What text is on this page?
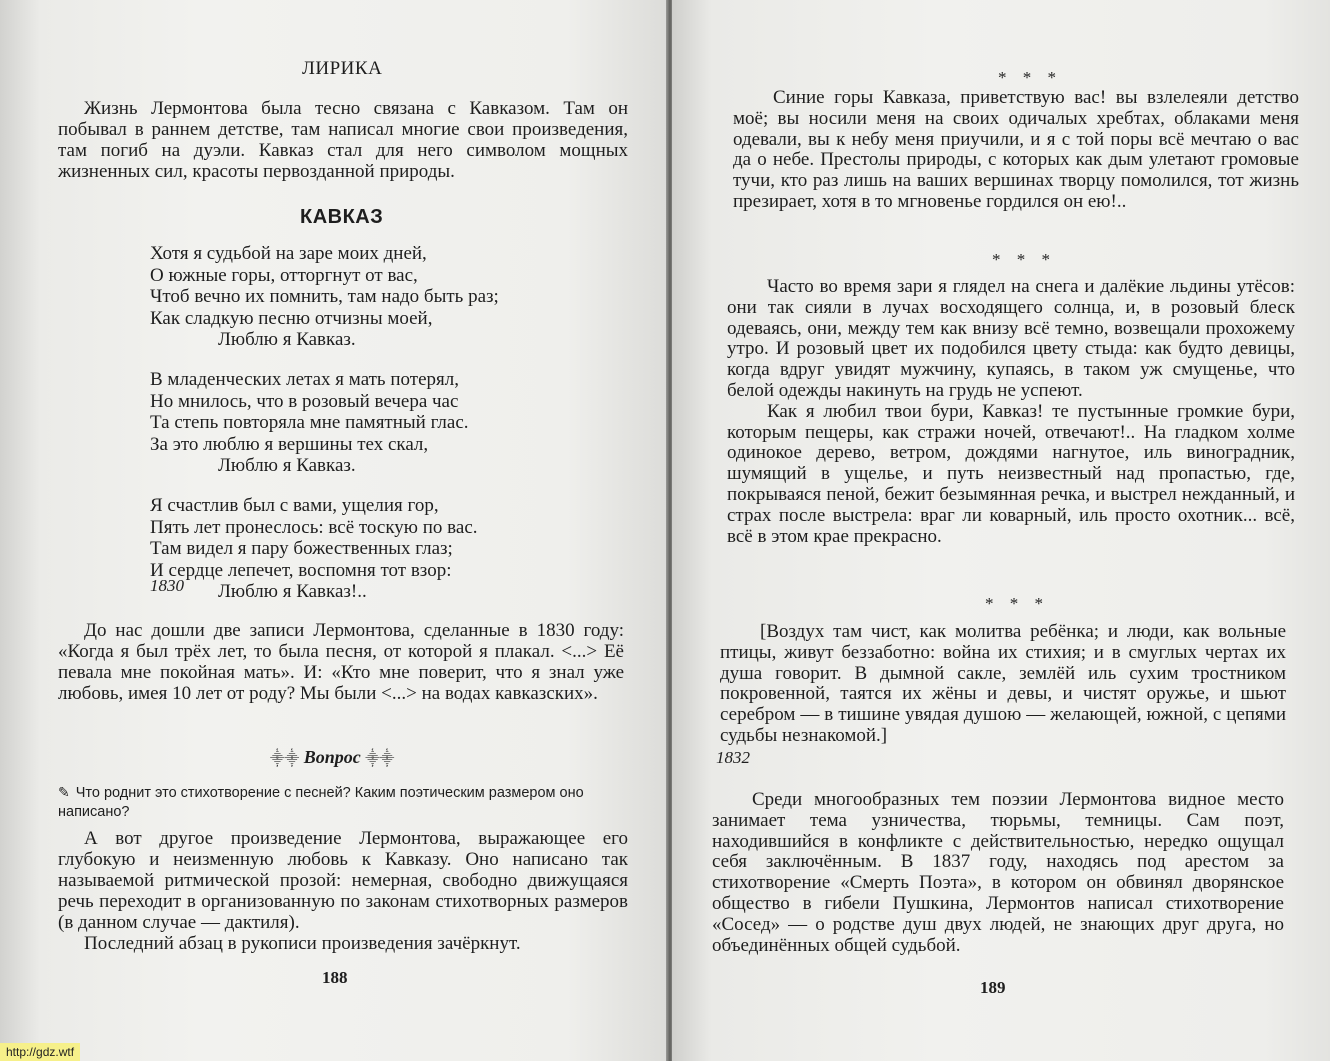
ЛИРИКА

Жизнь Лермонтова была тесно связана с Кавказом. Там он побывал в раннем детстве, там написал многие свои произведения, там погиб на дуэли. Кавказ стал для него символом мощных жизненных сил, красоты первозданной природы.

КАВКАЗ
Хотя я судьбой на заре моих дней,
О южные горы, отторгнут от вас,
Чтоб вечно их помнить, там надо быть раз;
Как сладкую песню отчизны моей,
Люблю я Кавказ.
В младенческих летах я мать потерял,
Но мнилось, что в розовый вечера час
Та степь повторяла мне памятный глас.
За это люблю я вершины тех скал,
Люблю я Кавказ.
Я счастлив был с вами, ущелия гор,
Пять лет пронеслось: всё тоскую по вас.
Там видел я пару божественных глаз;
И сердце лепечет, воспомня тот взор:
Люблю я Кавказ!..
1830

До нас дошли две записи Лермонтова, сделанные в 1830 году: «Когда я был трёх лет, то была песня, от которой я плакал. <...> Её певала мне покойная мать». И: «Кто мне поверит, что я знал уже любовь, имея 10 лет от роду? Мы были <...> на водах кавказских».

⸎⸎ Вопрос ⸎⸎
✎ Что роднит это стихотворение с песней? Каким поэтическим размером оно написано?

А вот другое произведение Лермонтова, выражающее его глубокую и неизменную любовь к Кавказу. Оно написано так называемой ритмической прозой: немерная, свободно движущаяся речь переходит в организованную по законам стихотворных размеров (в данном случае — дактиля).

Последний абзац в рукописи произведения зачёркнут.

188
* * *

Синие горы Кавказа, приветствую вас! вы взлелеяли детство моё; вы носили меня на своих одичалых хребтах, облаками меня одевали, вы к небу меня приучили, и я с той поры всё мечтаю о вас да о небе. Престолы природы, с которых как дым улетают громовые тучи, кто раз лишь на ваших вершинах творцу помолился, тот жизнь презирает, хотя в то мгновенье гордился он ею!..

* * *

Часто во время зари я глядел на снега и далёкие льдины утёсов: они так сияли в лучах восходящего солнца, и, в розовый блеск одеваясь, они, между тем как внизу всё темно, возвещали прохожему утро. И розовый цвет их подобился цвету стыда: как будто девицы, когда вдруг увидят мужчину, купаясь, в таком уж смущенье, что белой одежды накинуть на грудь не успеют.

Как я любил твои бури, Кавказ! те пустынные громкие бури, которым пещеры, как стражи ночей, отвечают!.. На гладком холме одинокое дерево, ветром, дождями нагнутое, иль виноградник, шумящий в ущелье, и путь неизвестный над пропастью, где, покрываяся пеной, бежит безымянная речка, и выстрел нежданный, и страх после выстрела: враг ли коварный, иль просто охотник... всё, всё в этом крае прекрасно.

* * *

[Воздух там чист, как молитва ребёнка; и люди, как вольные птицы, живут беззаботно: война их стихия; и в смуглых чертах их душа говорит. В дымной сакле, землёй иль сухим тростником покровенной, таятся их жёны и девы, и чистят оружье, и шьют серебром — в тишине увядая душою — желающей, южной, с цепями судьбы незнакомой.]

1832

Среди многообразных тем поэзии Лермонтова видное место занимает тема узничества, тюрьмы, темницы. Сам поэт, находившийся в конфликте с действительностью, нередко ощущал себя заключённым. В 1837 году, находясь под арестом за стихотворение «Смерть Поэта», в котором он обвинял дворянское общество в гибели Пушкина, Лермонтов написал стихотворение «Сосед» — о родстве душ двух людей, не знающих друг друга, но объединённых общей судьбой.

189
http://gdz.wtf
